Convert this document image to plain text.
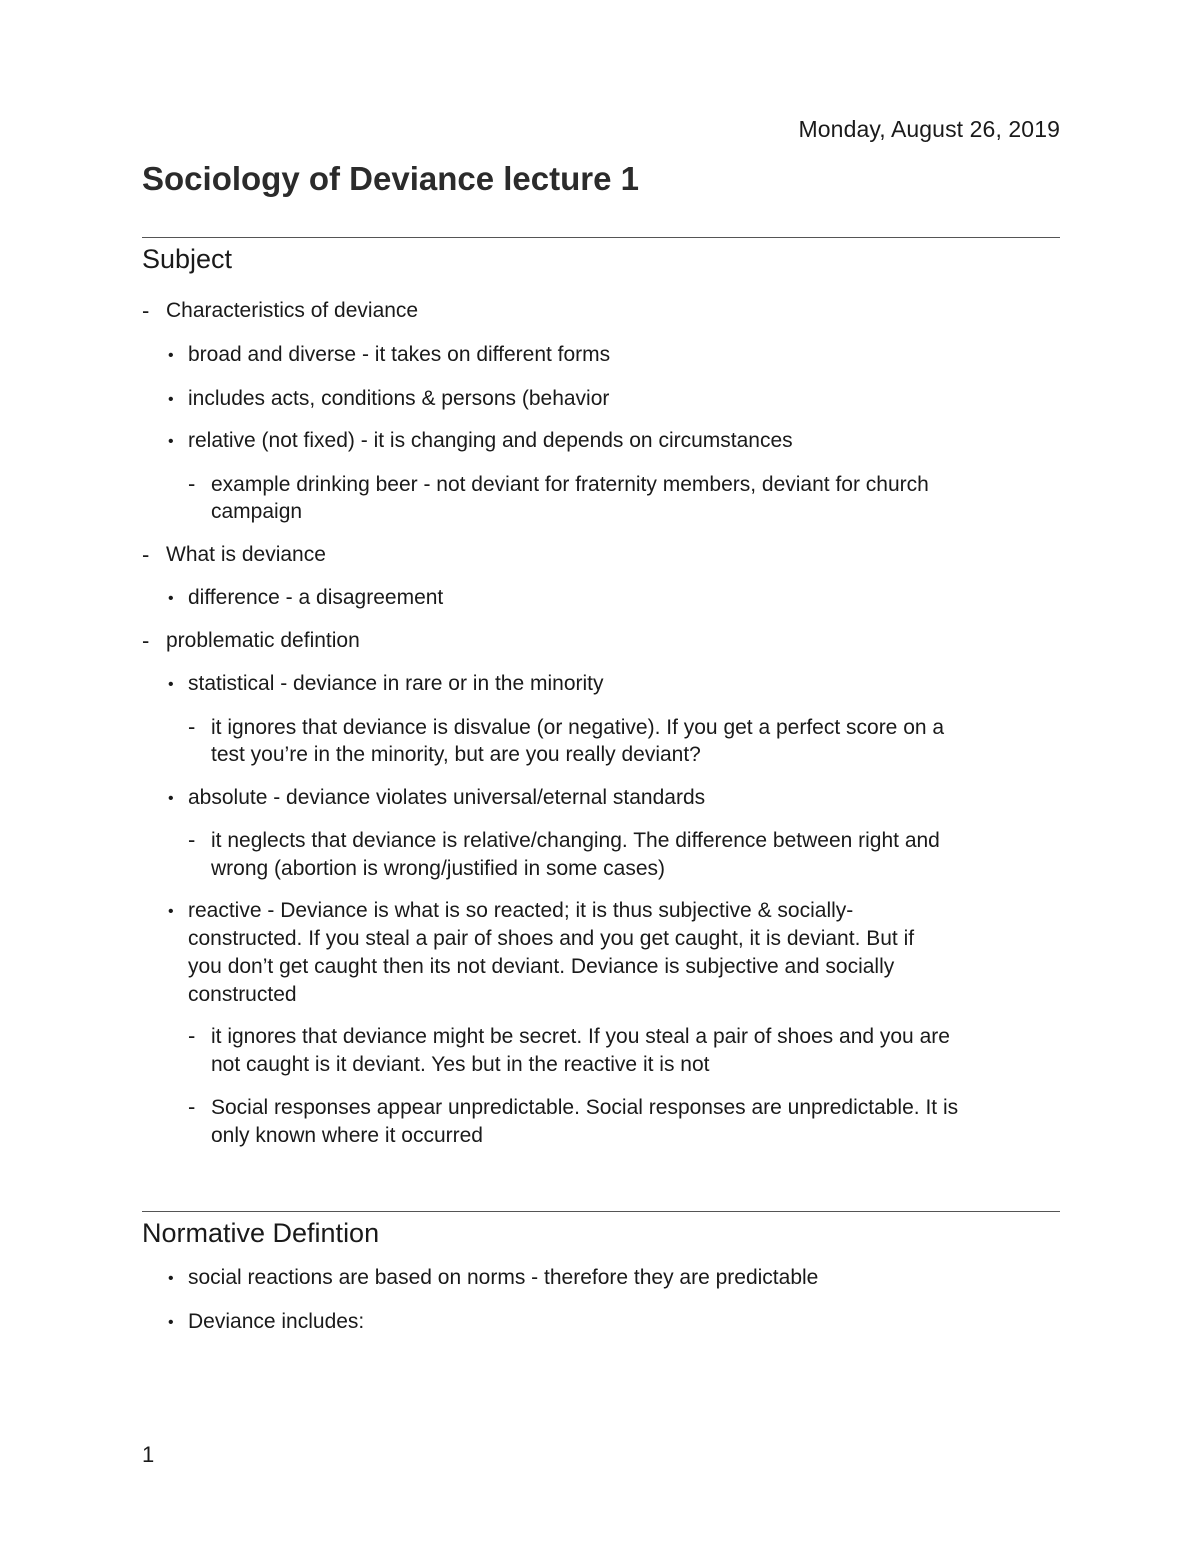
Monday, August 26, 2019
Sociology of Deviance lecture 1
Subject
- Characteristics of deviance
• broad and diverse - it takes on different forms
• includes acts, conditions & persons (behavior
• relative (not fixed) - it is changing and depends on circumstances
- example drinking beer - not deviant for fraternity members, deviant for church
campaign
- What is deviance
• difference - a disagreement
- problematic defintion
• statistical - deviance in rare or in the minority
- it ignores that deviance is disvalue (or negative). If you get a perfect score on a
test you’re in the minority, but are you really deviant?
• absolute - deviance violates universal/eternal standards
- it neglects that deviance is relative/changing. The difference between right and
wrong (abortion is wrong/justified in some cases)
• reactive - Deviance is what is so reacted; it is thus subjective & socially-
constructed. If you steal a pair of shoes and you get caught, it is deviant. But if
you don’t get caught then its not deviant. Deviance is subjective and socially
constructed
- it ignores that deviance might be secret. If you steal a pair of shoes and you are
not caught is it deviant. Yes but in the reactive it is not
- Social responses appear unpredictable. Social responses are unpredictable. It is
only known where it occurred
Normative Defintion
• social reactions are based on norms - therefore they are predictable
• Deviance includes:
1
